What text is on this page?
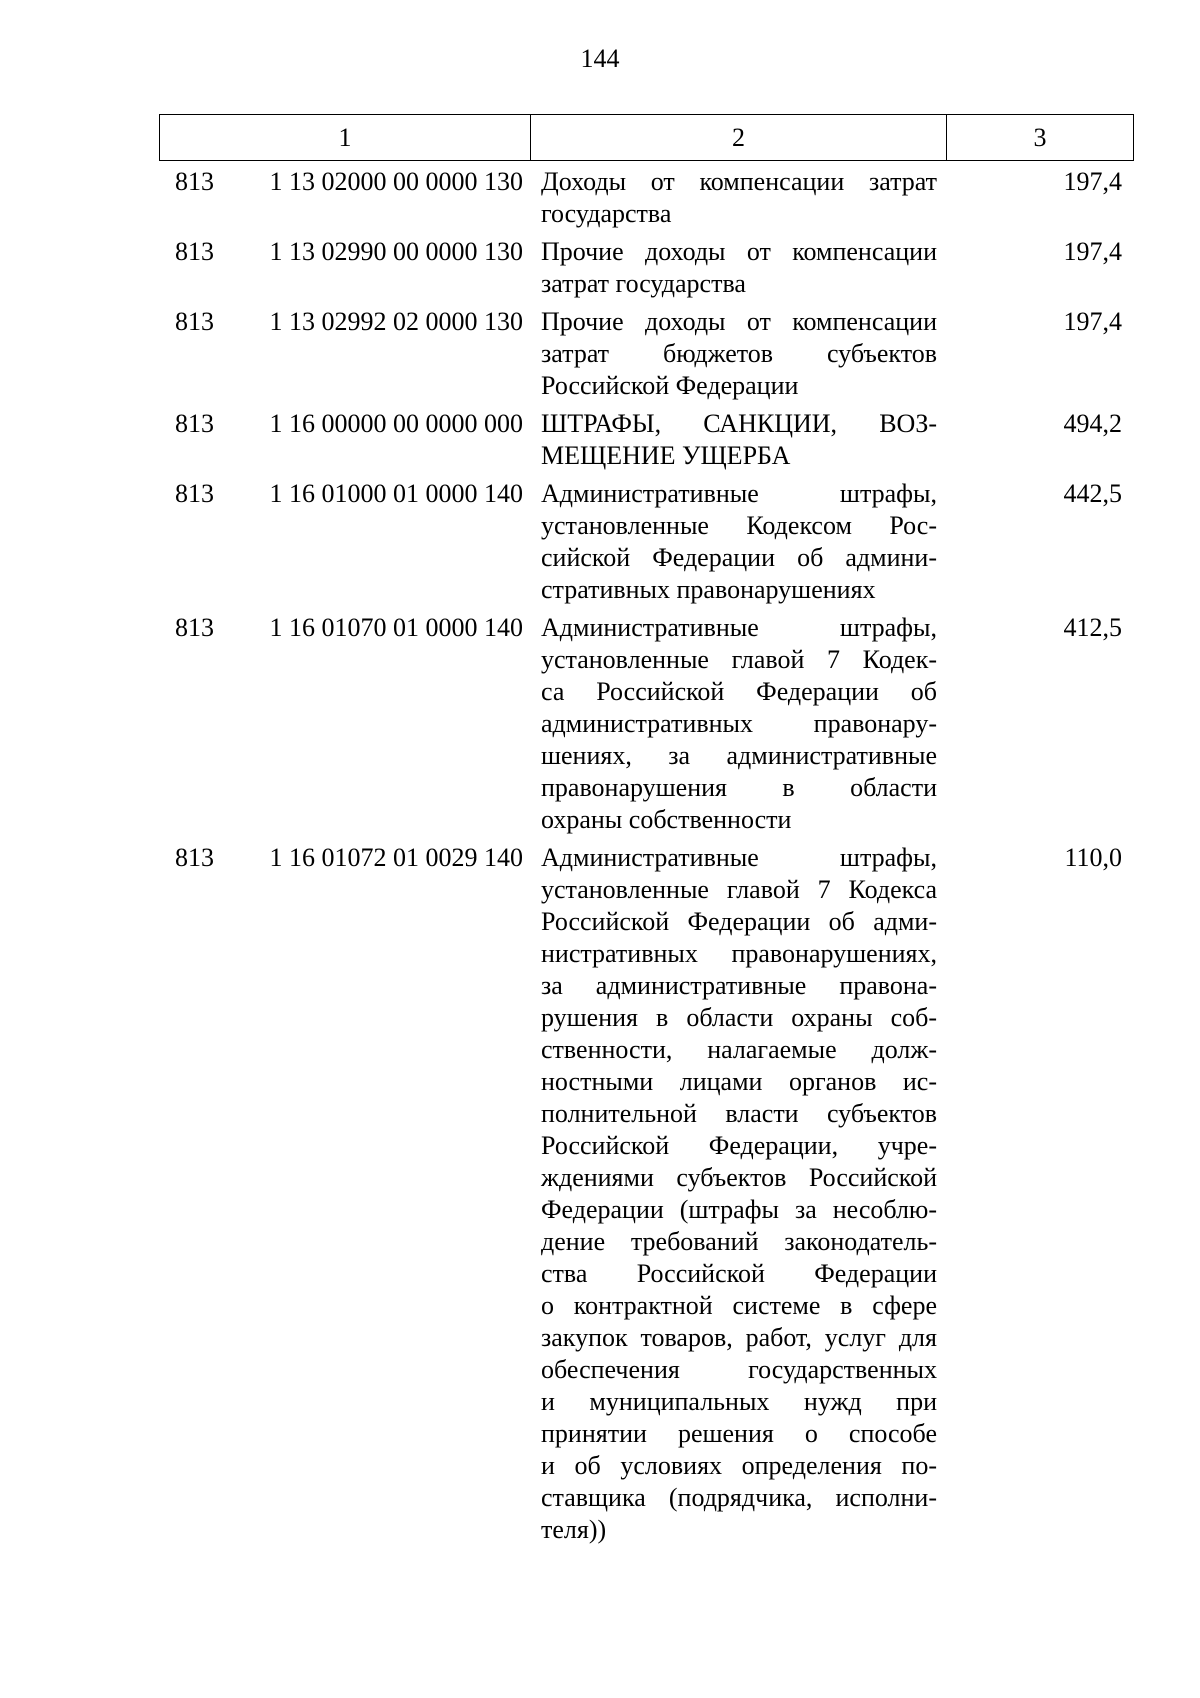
144
1	2	3
813	1 13 02000 00 0000 130 Доходы от компенсации затрат
государства
197,4
813	1 13 02990 00 0000 130 Прочие доходы от компенсации
затрат государства
197,4
813	1 13 02992 02 0000 130 Прочие доходы от компенсации
затрат бюджетов субъектов
Российской Федерации
197,4
813	1 16 00000 00 0000 000 ШТРАФЫ, САНКЦИИ, ВОЗ-
МЕЩЕНИЕ УЩЕРБА
494,2
813	1 16 01000 01 0000 140 Административные штрафы,
установленные Кодексом Рос-
сийской Федерации об админи-
стративных правонарушениях
442,5
813	1 16 01070 01 0000 140 Административные штрафы,
установленные главой 7 Кодек-
са Российской Федерации об
административных правонару-
шениях, за административные
правонарушения в области
охраны собственности
412,5
813	1 16 01072 01 0029 140 Административные штрафы,
установленные главой 7 Кодекса
Российской Федерации об адми-
нистративных правонарушениях,
за административные правона-
рушения в области охраны соб-
ственности, налагаемые долж-
ностными лицами органов ис-
полнительной власти субъектов
Российской Федерации, учре-
ждениями субъектов Российской
Федерации (штрафы за несоблю-
дение требований законодатель-
ства Российской Федерации
о контрактной системе в сфере
закупок товаров, работ, услуг для
обеспечения государственных
и муниципальных нужд при
принятии решения о способе
и об условиях определения по-
ставщика (подрядчика, исполни-
теля))
110,0
